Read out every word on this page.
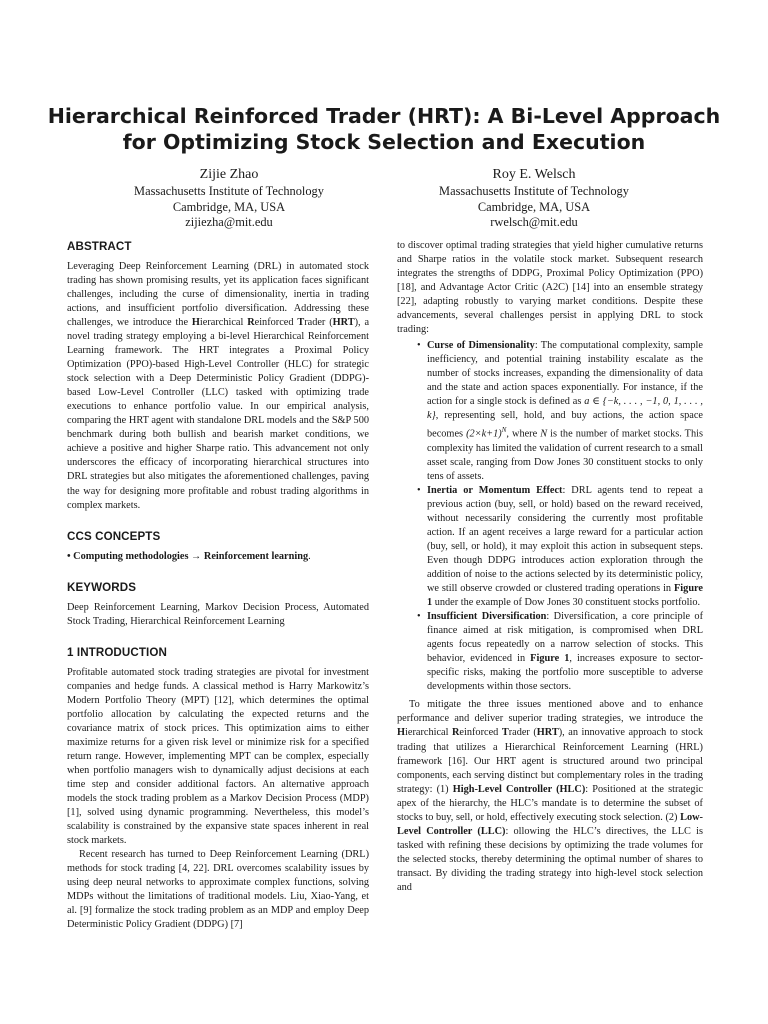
Hierarchical Reinforced Trader (HRT): A Bi-Level Approach for Optimizing Stock Selection and Execution
Zijie Zhao
Massachusetts Institute of Technology
Cambridge, MA, USA
zijiezha@mit.edu
Roy E. Welsch
Massachusetts Institute of Technology
Cambridge, MA, USA
rwelsch@mit.edu
ABSTRACT

Leveraging Deep Reinforcement Learning (DRL) in automated stock trading has shown promising results, yet its application faces significant challenges, including the curse of dimensionality, inertia in trading actions, and insufficient portfolio diversification. Addressing these challenges, we introduce the Hierarchical Reinforced Trader (HRT), a novel trading strategy employing a bi-level Hierarchical Reinforcement Learning framework. The HRT integrates a Proximal Policy Optimization (PPO)-based High-Level Controller (HLC) for strategic stock selection with a Deep Deterministic Policy Gradient (DDPG)-based Low-Level Controller (LLC) tasked with optimizing trade executions to enhance portfolio value. In our empirical analysis, comparing the HRT agent with standalone DRL models and the S&P 500 benchmark during both bullish and bearish market conditions, we achieve a positive and higher Sharpe ratio. This advancement not only underscores the efficacy of incorporating hierarchical structures into DRL strategies but also mitigates the aforementioned challenges, paving the way for designing more profitable and robust trading algorithms in complex markets.

CCS CONCEPTS

• Computing methodologies → Reinforcement learning.

KEYWORDS

Deep Reinforcement Learning, Markov Decision Process, Automated Stock Trading, Hierarchical Reinforcement Learning

1 INTRODUCTION

Profitable automated stock trading strategies are pivotal for investment companies and hedge funds. A classical method is Harry Markowitz’s Modern Portfolio Theory (MPT) [12], which determines the optimal portfolio allocation by calculating the expected returns and the covariance matrix of stock prices. This optimization aims to either maximize returns for a given risk level or minimize risk for a specified return range. However, implementing MPT can be complex, especially when portfolio managers wish to dynamically adjust decisions at each time step and consider additional factors. An alternative approach models the stock trading problem as a Markov Decision Process (MDP) [1], solved using dynamic programming. Nevertheless, this model’s scalability is constrained by the expansive state spaces inherent in real stock markets.

Recent research has turned to Deep Reinforcement Learning (DRL) methods for stock trading [4, 22]. DRL overcomes scalability issues by using deep neural networks to approximate complex functions, solving MDPs without the limitations of traditional models. Liu, Xiao-Yang, et al. [9] formalize the stock trading problem as an MDP and employ Deep Deterministic Policy Gradient (DDPG) [7]

to discover optimal trading strategies that yield higher cumulative returns and Sharpe ratios in the volatile stock market. Subsequent research integrates the strengths of DDPG, Proximal Policy Optimization (PPO) [18], and Advantage Actor Critic (A2C) [14] into an ensemble strategy [22], adapting robustly to varying market conditions. Despite these advancements, several challenges persist in applying DRL to stock trading:

• Curse of Dimensionality: The computational complexity, sample inefficiency, and potential training instability escalate as the number of stocks increases, expanding the dimensionality of data and the state and action spaces exponentially. For instance, if the action for a single stock is defined as a ∈ {−k, . . . , −1, 0, 1, . . . , k}, representing sell, hold, and buy actions, the action space becomes $(2\times k+1)^N$, where N is the number of market stocks. This complexity has limited the validation of current research to a small asset scale, ranging from Dow Jones 30 constituent stocks to only tens of assets.
• Inertia or Momentum Effect: DRL agents tend to repeat a previous action (buy, sell, or hold) based on the reward received, without necessarily considering the currently most profitable action. If an agent receives a large reward for a particular action (buy, sell, or hold), it may exploit this action in subsequent steps. Even though DDPG introduces action exploration through the addition of noise to the actions selected by its deterministic policy, we still observe crowded or clustered trading operations in Figure 1 under the example of Dow Jones 30 constituent stocks portfolio.
• Insufficient Diversification: Diversification, a core principle of finance aimed at risk mitigation, is compromised when DRL agents focus repeatedly on a narrow selection of stocks. This behavior, evidenced in Figure 1, increases exposure to sector-specific risks, making the portfolio more susceptible to adverse developments within those sectors.

To mitigate the three issues mentioned above and to enhance performance and deliver superior trading strategies, we introduce the Hierarchical Reinforced Trader (HRT), an innovative approach to stock trading that utilizes a Hierarchical Reinforcement Learning (HRL) framework [16]. Our HRT agent is structured around two principal components, each serving distinct but complementary roles in the trading strategy: (1) High-Level Controller (HLC): Positioned at the strategic apex of the hierarchy, the HLC’s mandate is to determine the subset of stocks to buy, sell, or hold, effectively executing stock selection. (2) Low-Level Controller (LLC): ollowing the HLC’s directives, the LLC is tasked with refining these decisions by optimizing the trade volumes for the selected stocks, thereby determining the optimal number of shares to transact. By dividing the trading strategy into high-level stock selection and
